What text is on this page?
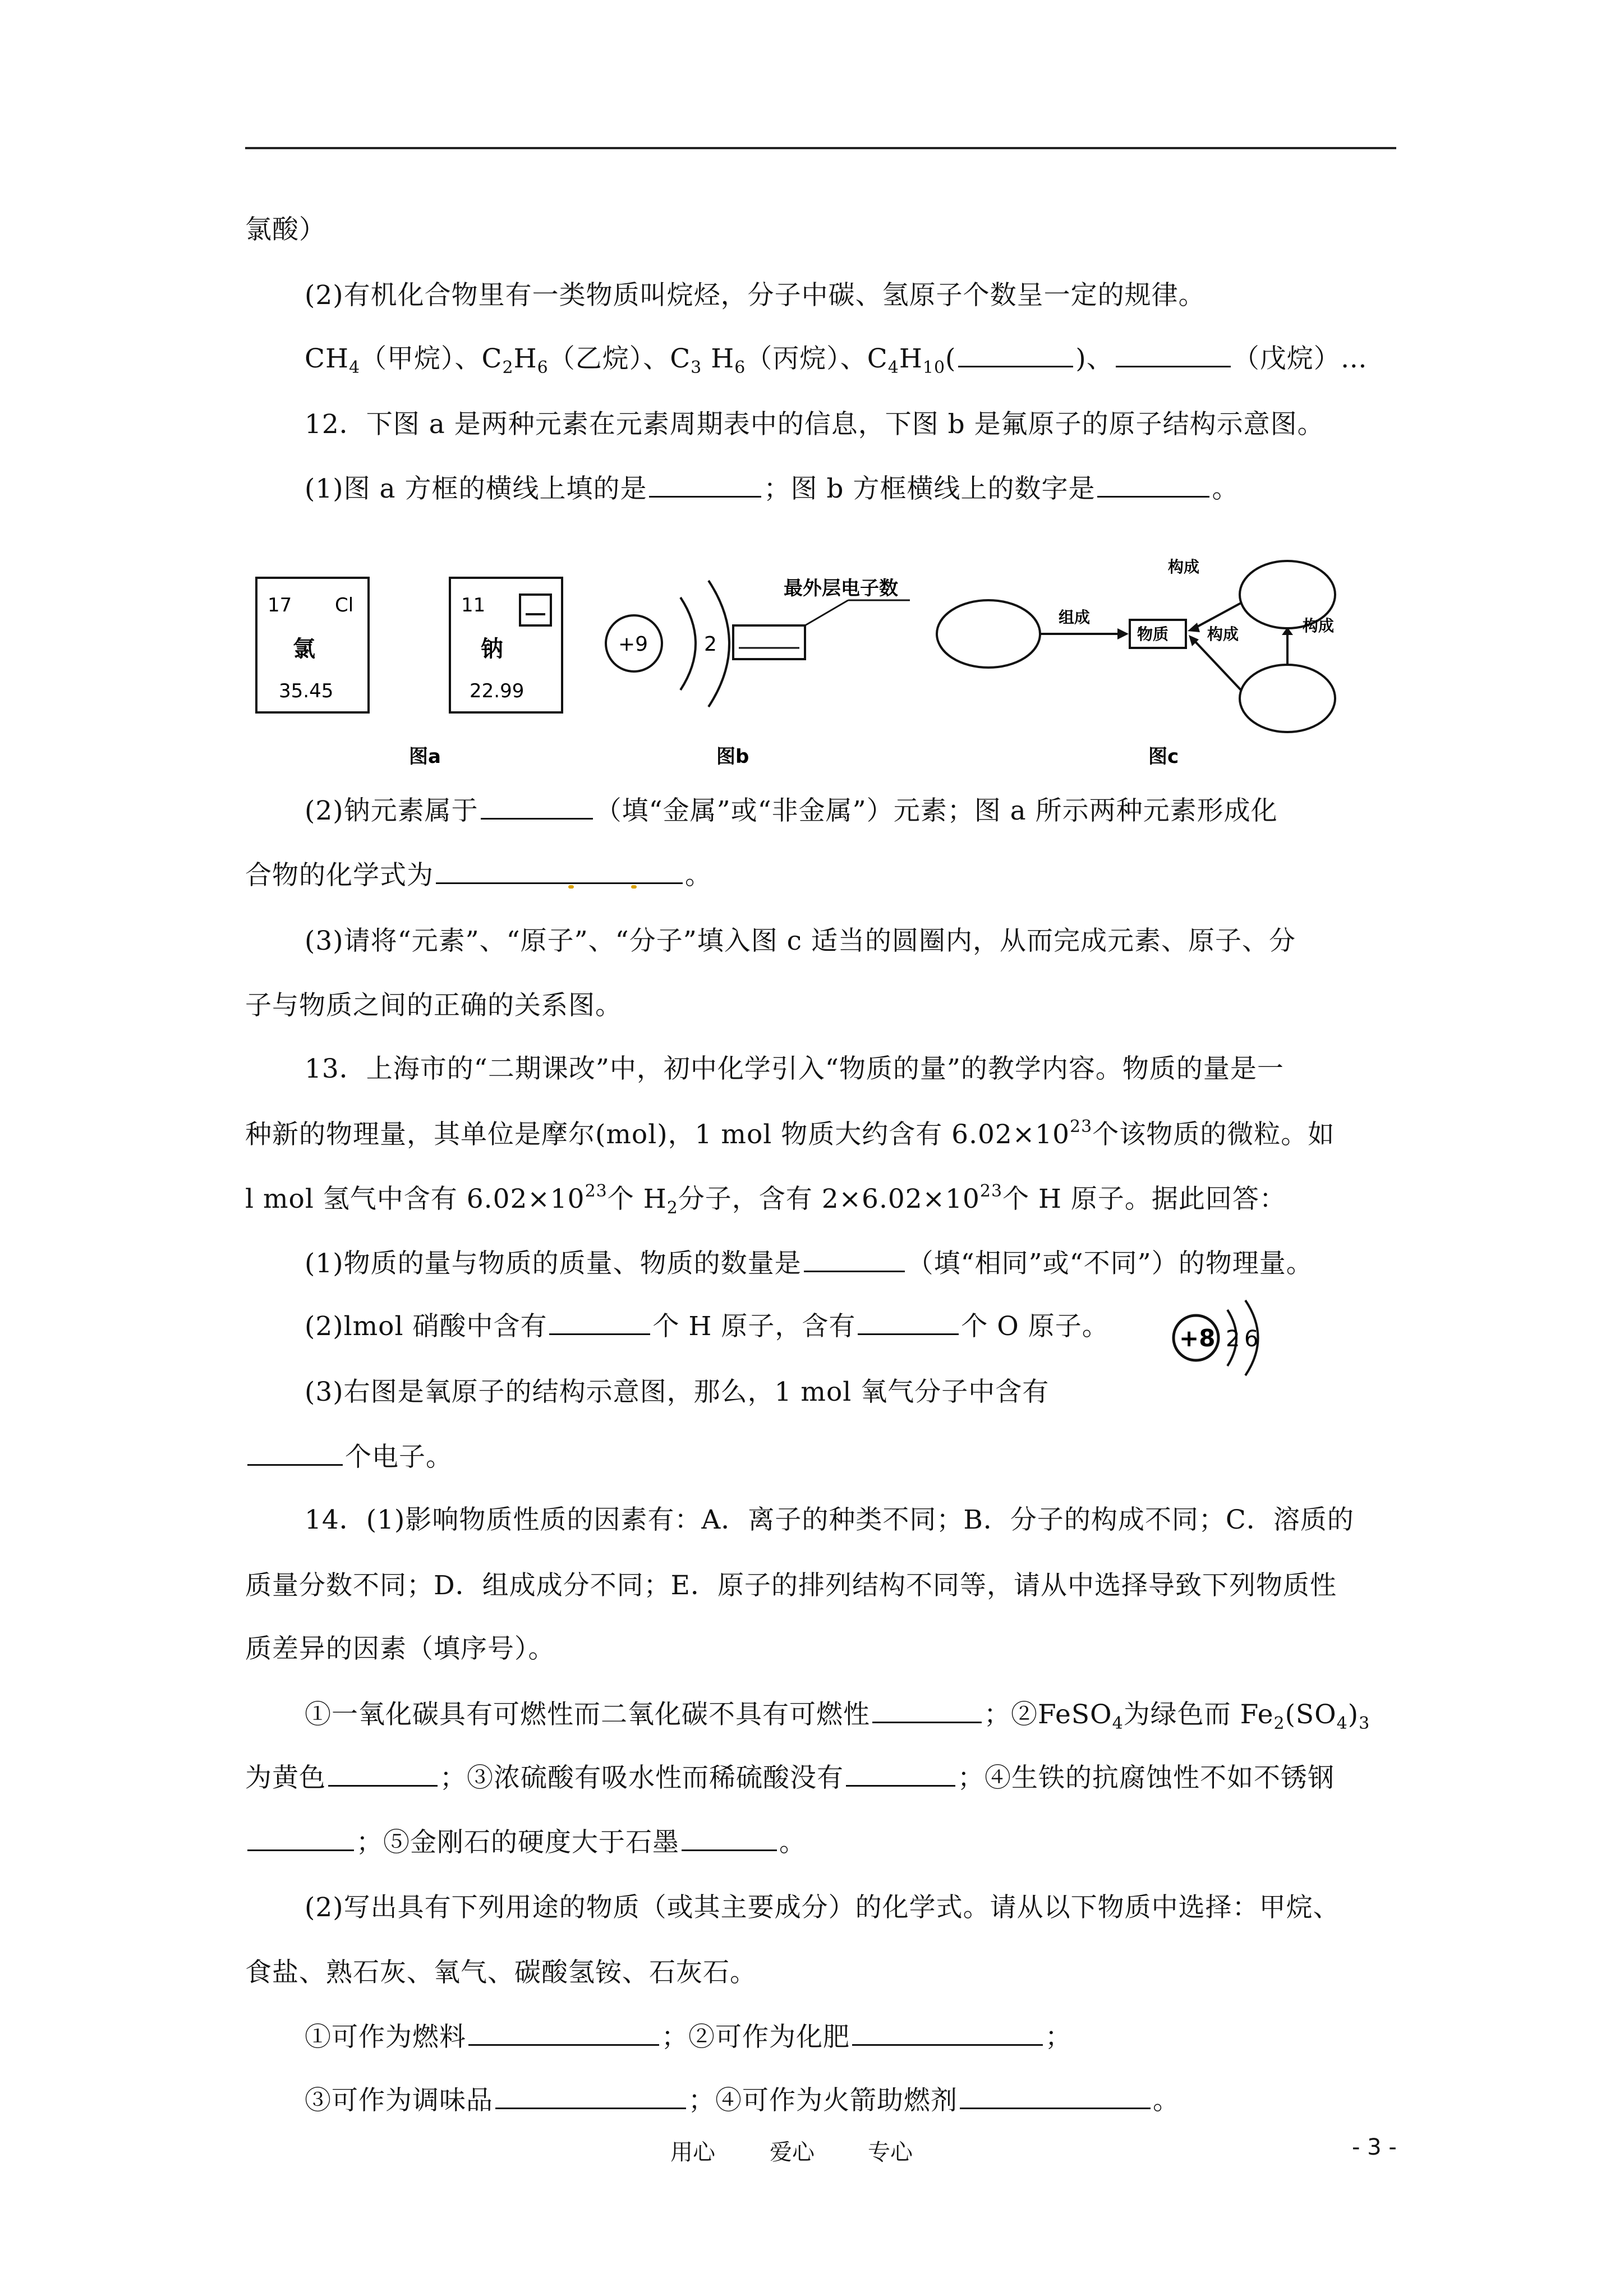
氯酸）
(2)有机化合物里有一类物质叫烷烃，分子中碳、氢原子个数呈一定的规律。
$CH_4$（甲烷）、$C_2H_6$（乙烷）、$C_3$ $H_6$（丙烷）、$C_4H_{10}$(	)、	（戊烷）…
12．下图 a 是两种元素在元素周期表中的信息，下图 b 是氟原子的原子结构示意图。
(1)图 a 方框的横线上填的是	；图 b 方框横线上的数字是	。
17 Cl
氯
35.45
11
钠
22.99
+9	2
最外层电子数
组成
物质
构成
构成	构成
图a	图b	图c
(2)钠元素属于	（填“金属”或“非金属”）元素；图 a 所示两种元素形成化
合物的化学式为	。
(3)请将“元素”、“原子”、“分子”填入图 c 适当的圆圈内，从而完成元素、原子、分
子与物质之间的正确的关系图。
13．上海市的“二期课改”中，初中化学引入“物质的量”的教学内容。物质的量是一
种新的物理量，其单位是摩尔(mol)，1 mol 物质大约含有 $6.02\times 10^{23}$个该物质的微粒。如
l mol 氢气中含有 $6.02\times 10^{23}$个 $H_2$分子，含有 $2\times 6.02\times 10^{23}$个 H 原子。据此回答：
(1)物质的量与物质的质量、物质的数量是	（填“相同”或“不同”）的物理量。
(2)lmol 硝酸中含有	个 H 原子，含有	个 O 原子。	+8 2 6
(3)右图是氧原子的结构示意图，那么，1 mol 氧气分子中含有
个电子。
14．(1)影响物质性质的因素有：A．离子的种类不同；B．分子的构成不同；C．溶质的
质量分数不同；D．组成成分不同；E．原子的排列结构不同等，请从中选择导致下列物质性
质差异的因素（填序号）。
①一氧化碳具有可燃性而二氧化碳不具有可燃性	；②FeSO$_4$为绿色而 $Fe_2(SO_4)_3$
为黄色	；③浓硫酸有吸水性而稀硫酸没有	；④生铁的抗腐蚀性不如不锈钢
；⑤金刚石的硬度大于石墨	。
(2)写出具有下列用途的物质（或其主要成分）的化学式。请从以下物质中选择：甲烷、
食盐、熟石灰、氧气、碳酸氢铵、石灰石。
①可作为燃料	；②可作为化肥	；
③可作为调味品	；④可作为火箭助燃剂	。
用心 爱心 专心	- 3 -
